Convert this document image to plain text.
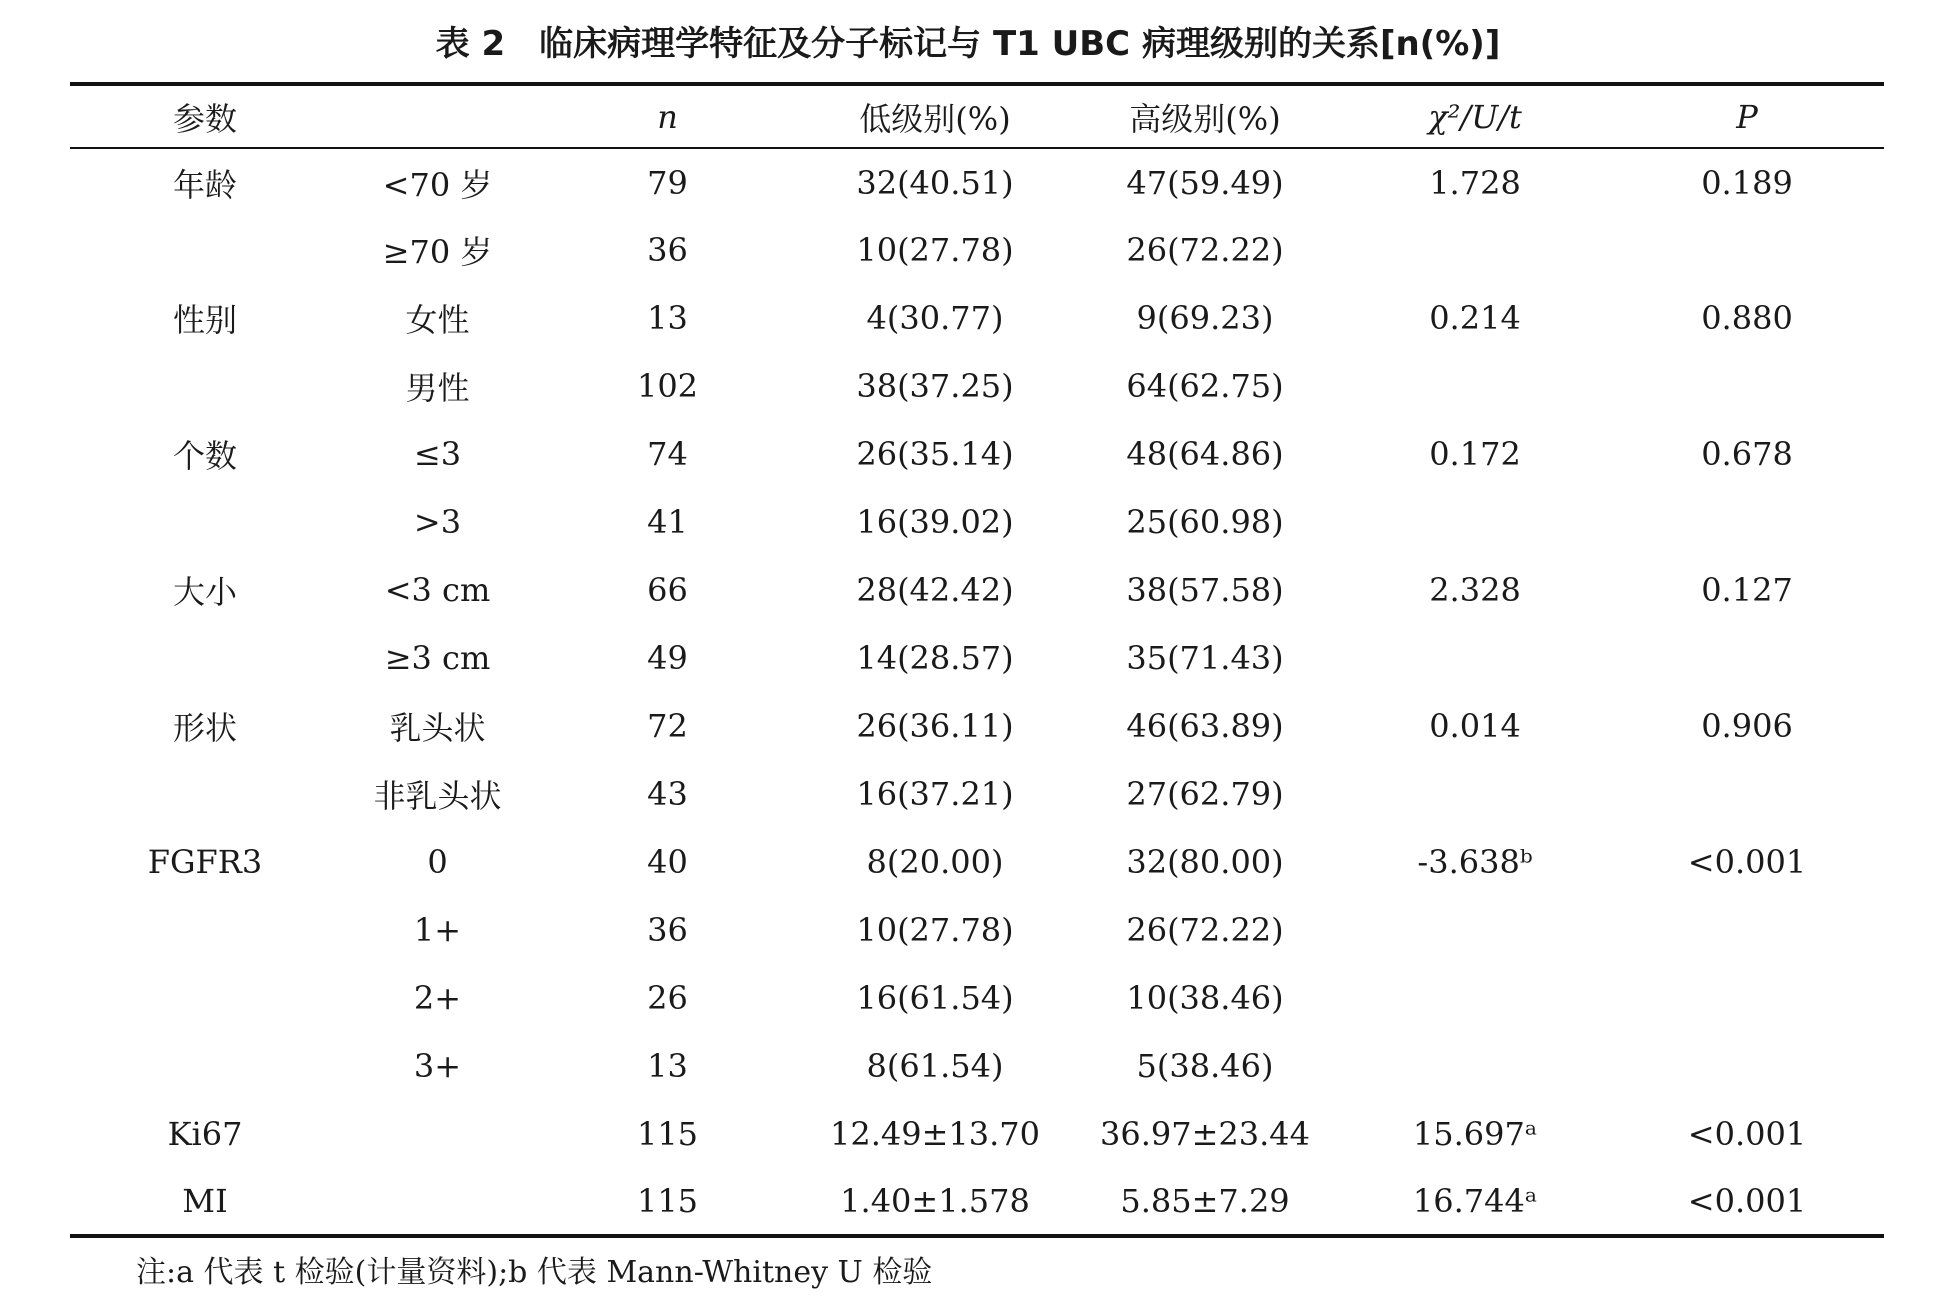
表 2　临床病理学特征及分子标记与 T1 UBC 病理级别的关系[n(%)]
参数		n	低级别(%)	高级别(%)	χ²/U/t	P
年龄	<70 岁	79	32(40.51)	47(59.49)	1.728	0.189
	≥70 岁	36	10(27.78)	26(72.22)		
性别	女性	13	4(30.77)	9(69.23)	0.214	0.880
	男性	102	38(37.25)	64(62.75)		
个数	≤3	74	26(35.14)	48(64.86)	0.172	0.678
	>3	41	16(39.02)	25(60.98)		
大小	<3 cm	66	28(42.42)	38(57.58)	2.328	0.127
	≥3 cm	49	14(28.57)	35(71.43)		
形状	乳头状	72	26(36.11)	46(63.89)	0.014	0.906
	非乳头状	43	16(37.21)	27(62.79)		
FGFR3	0	40	8(20.00)	32(80.00)	-3.638ᵇ	<0.001
	1+	36	10(27.78)	26(72.22)		
	2+	26	16(61.54)	10(38.46)		
	3+	13	8(61.54)	5(38.46)		
Ki67		115	12.49±13.70	36.97±23.44	15.697ᵃ	<0.001
MI		115	1.40±1.578	5.85±7.29	16.744ᵃ	<0.001
注:a 代表 t 检验(计量资料);b 代表 Mann-Whitney U 检验
